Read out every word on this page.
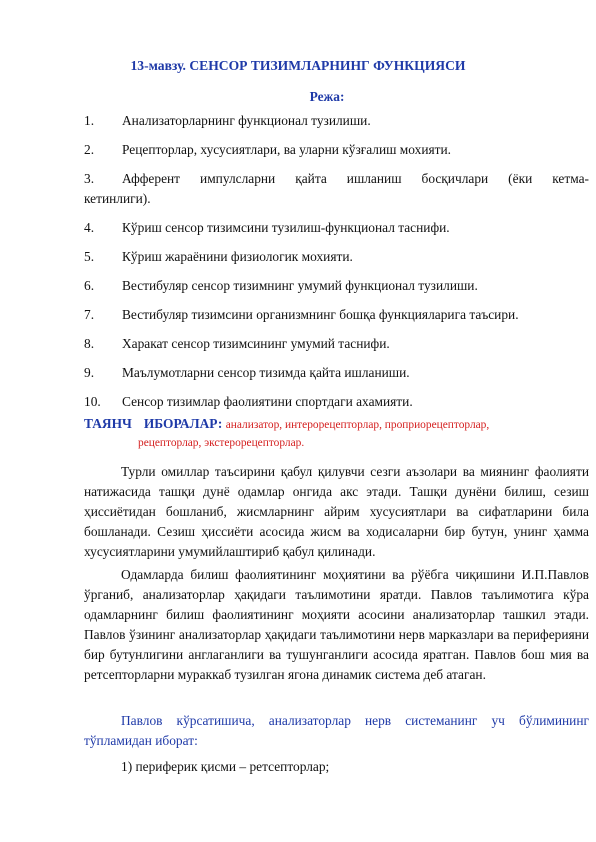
13-мавзу. СЕНСОР ТИЗИМЛАРНИНГ ФУНКЦИЯСИ
Режа:
1.	Анализаторларнинг функционал тузилиши.
2.	Рецепторлар, хусусиятлари, ва уларни кўзғалиш мохияти.
3.	Афферент импулсларни қайта ишланиш босқичлари (ёки кетма-
кетинлиги).
4.	Кўриш сенсор тизимсини тузилиш-функционал таснифи.
5.	Кўриш жараёнини физиологик мохияти.
6.	Вестибуляр сенсор тизимнинг умумий функционал тузилиши.
7.	Вестибуляр тизимсини организмнинг бошқа функцияларига таъсири.
8.	Харакат сенсор тизимсининг умумий таснифи.
9.	Маълумотларни сенсор тизимда қайта ишланиши.
10.	Сенсор тизимлар фаолиятини спортдаги ахамияти.
ТАЯНЧ ИБОРАЛАР: анализатор, интерорецепторлар, проприорецепторлар,
рецепторлар, экстерорецепторлар.

Турли омиллар таъсирини қабул қилувчи сезги аъзолари ва миянинг фаолияти натижасида ташқи дунё одамлар онгида акс этади. Ташқи дунёни билиш, сезиш ҳиссиётидан бошланиб, жисмларнинг айрим хусусиятлари ва сифатларини била бошланади. Сезиш ҳиссиёти асосида жисм ва ходисаларни бир бутун, унинг ҳамма хусусиятларини умумийлаштириб қабул қилинади.

Одамларда билиш фаолиятининг моҳиятини ва рўёбга чиқишини И.П.Павлов ўрганиб, анализаторлар ҳақидаги таълимотини яратди. Павлов таълимотига кўра одамларнинг билиш фаолиятининг моҳияти асосини анализаторлар ташкил этади. Павлов ўзининг анализаторлар ҳақидаги таълимотини нерв марказлари ва периферияни бир бутунлигини англаганлиги ва тушунганлиги асосида яратган. Павлов бош мия ва ретсепторларни мураккаб тузилган ягона динамик система деб атаган.

Павлов кўрсатишича, анализаторлар нерв системанинг уч бўлимининг тўпламидан иборат:

1) периферик қисми – ретсепторлар;
